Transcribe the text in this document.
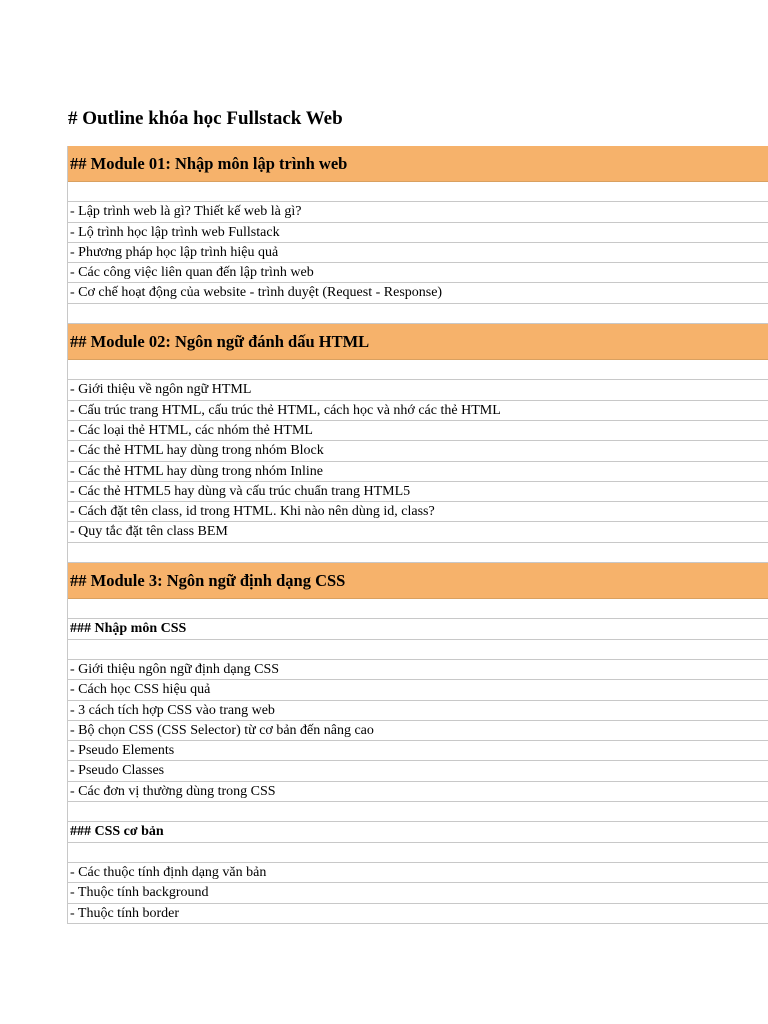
# Outline khóa học Fullstack Web
## Module 01: Nhập môn lập trình web
- Lập trình web là gì? Thiết kế web là gì?
- Lộ trình học lập trình web Fullstack
- Phương pháp học lập trình hiệu quả
- Các công việc liên quan đến lập trình web
- Cơ chế hoạt động của website - trình duyệt (Request - Response)
## Module 02: Ngôn ngữ đánh dấu HTML
- Giới thiệu về ngôn ngữ HTML
- Cấu trúc trang HTML, cấu trúc thẻ HTML, cách học và nhớ các thẻ HTML
- Các loại thẻ HTML, các nhóm thẻ HTML
- Các thẻ HTML hay dùng trong nhóm Block
- Các thẻ HTML hay dùng trong nhóm Inline
- Các thẻ HTML5 hay dùng và cấu trúc chuẩn trang HTML5
- Cách đặt tên class, id trong HTML. Khi nào nên dùng id, class?
- Quy tắc đặt tên class BEM
## Module 3: Ngôn ngữ định dạng CSS
### Nhập môn CSS
- Giới thiệu ngôn ngữ định dạng CSS
- Cách học CSS hiệu quả
- 3 cách tích hợp CSS vào trang web
- Bộ chọn CSS (CSS Selector) từ cơ bản đến nâng cao
- Pseudo Elements
- Pseudo Classes
- Các đơn vị thường dùng trong CSS
### CSS cơ bản
- Các thuộc tính định dạng văn bản
- Thuộc tính background
- Thuộc tính border
